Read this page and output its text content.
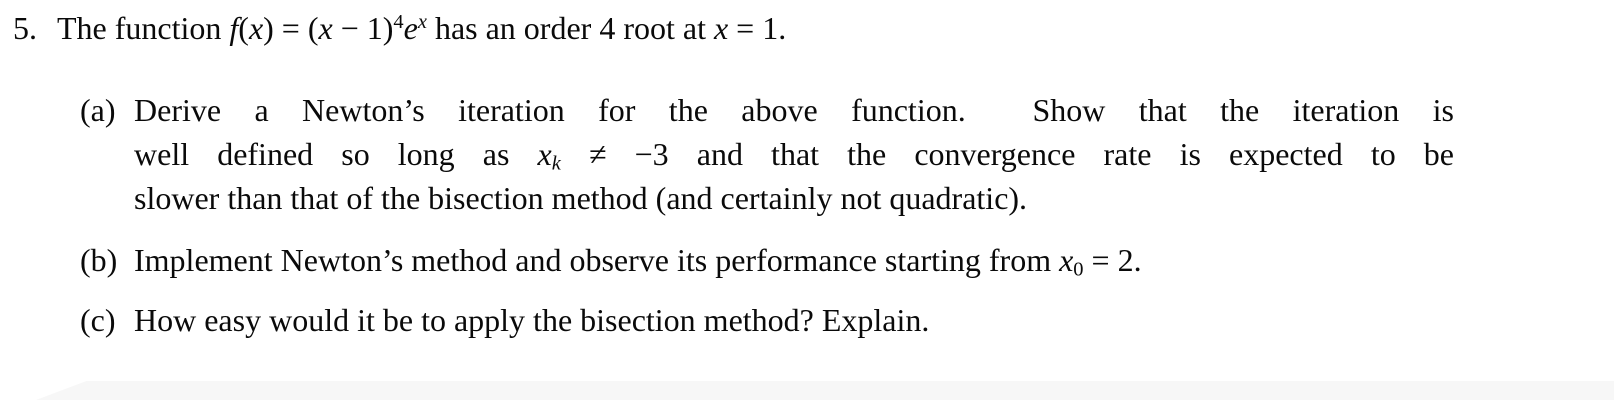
5. The function $f(x) = (x - 1)^4e^x$ has an order 4 root at x = 1.
(a) Derive a Newton’s iteration for the above function.  Show that the iteration is
well defined so long as xk ≠ −3 and that the convergence rate is expected to be
slower than that of the bisection method (and certainly not quadratic).
(b) Implement Newton’s method and observe its performance starting from x0 = 2.
(c) How easy would it be to apply the bisection method? Explain.
